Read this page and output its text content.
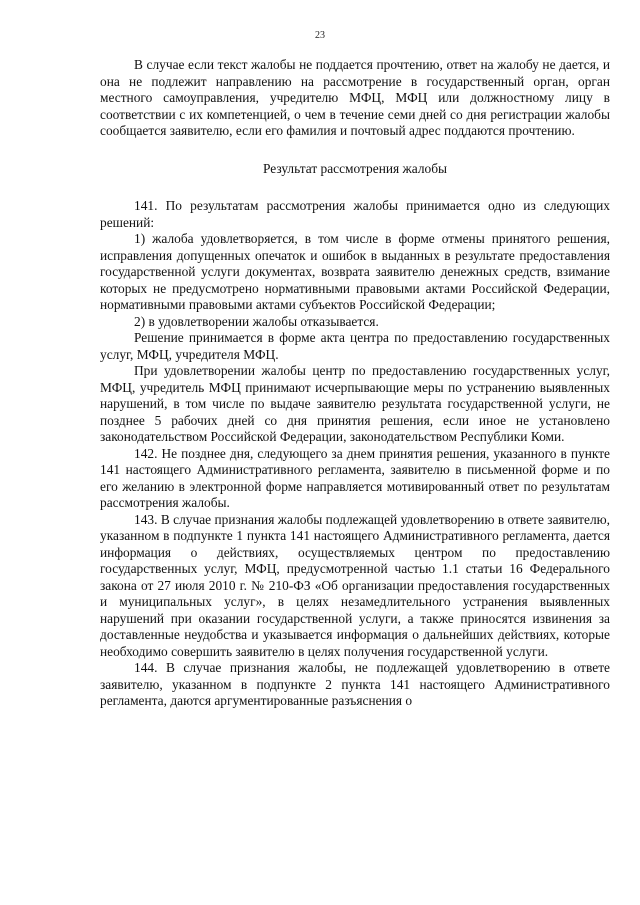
23

В случае если текст жалобы не поддается прочтению, ответ на жалобу не дается, и она не подлежит направлению на рассмотрение в государственный орган, орган местного самоуправления, учредителю МФЦ, МФЦ или должностному лицу в соответствии с их компетенцией, о чем в течение семи дней со дня регистрации жалобы сообщается заявителю, если его фамилия и почтовый адрес поддаются прочтению.

Результат рассмотрения жалобы

141. По результатам рассмотрения жалобы принимается одно из следующих решений:

1) жалоба удовлетворяется, в том числе в форме отмены принятого решения, исправления допущенных опечаток и ошибок в выданных в результате предоставления государственной услуги документах, возврата заявителю денежных средств, взимание которых не предусмотрено нормативными правовыми актами Российской Федерации, нормативными правовыми актами субъектов Российской Федерации;

2) в удовлетворении жалобы отказывается.

Решение принимается в форме акта центра по предоставлению государственных услуг, МФЦ, учредителя МФЦ.

При удовлетворении жалобы центр по предоставлению государственных услуг, МФЦ, учредитель МФЦ принимают исчерпывающие меры по устранению выявленных нарушений, в том числе по выдаче заявителю результата государственной услуги, не позднее 5 рабочих дней со дня принятия решения, если иное не установлено законодательством Российской Федерации, законодательством Республики Коми.

142. Не позднее дня, следующего за днем принятия решения, указанного в пункте 141 настоящего Административного регламента, заявителю в письменной форме и по его желанию в электронной форме направляется мотивированный ответ по результатам рассмотрения жалобы.

143. В случае признания жалобы подлежащей удовлетворению в ответе заявителю, указанном в подпункте 1 пункта 141 настоящего Административного регламента, дается информация о действиях, осуществляемых центром по предоставлению государственных услуг, МФЦ, предусмотренной частью 1.1 статьи 16 Федерального закона от 27 июля 2010 г. № 210-ФЗ «Об организации предоставления государственных и муниципальных услуг», в целях незамедлительного устранения выявленных нарушений при оказании государственной услуги, а также приносятся извинения за доставленные неудобства и указывается информация о дальнейших действиях, которые необходимо совершить заявителю в целях получения государственной услуги.

144. В случае признания жалобы, не подлежащей удовлетворению в ответе заявителю, указанном в подпункте 2 пункта 141 настоящего Административного регламента, даются аргументированные разъяснения о
